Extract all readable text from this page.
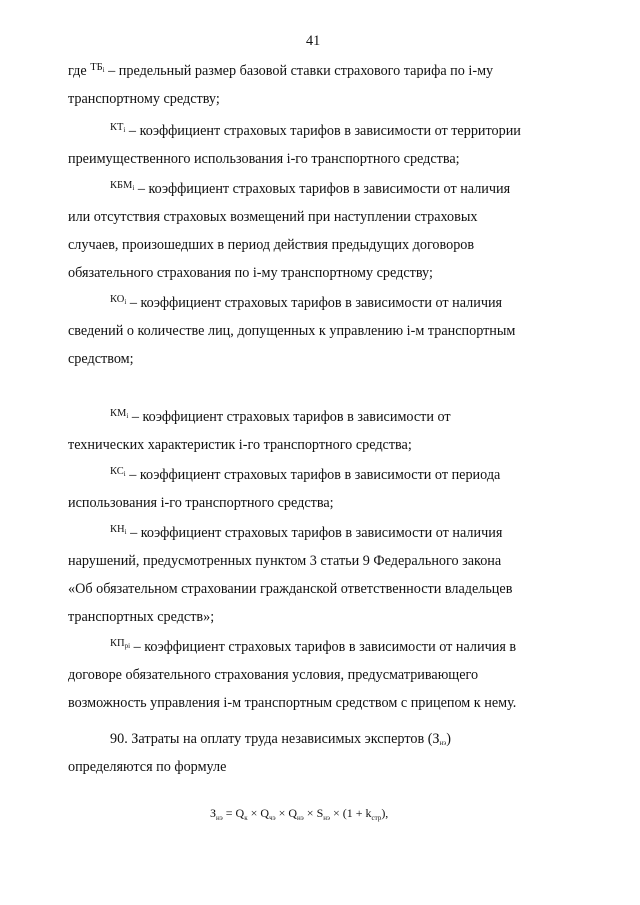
41
где $^{ТБi}$ – предельный размер базовой ставки страхового тарифа по i-му
транспортному средству;
$^{КТi}$ – коэффициент страховых тарифов в зависимости от территории
преимущественного использования i-го транспортного средства;
$^{КБМi}$ – коэффициент страховых тарифов в зависимости от наличия
или отсутствия страховых возмещений при наступлении страховых
случаев, произошедших в период действия предыдущих договоров
обязательного страхования по i-му транспортному средству;
$^{КОi}$ – коэффициент страховых тарифов в зависимости от наличия
сведений о количестве лиц, допущенных к управлению i-м транспортным
средством;
$^{КМi}$ – коэффициент страховых тарифов в зависимости от
технических характеристик i-го транспортного средства;
$^{КСi}$ – коэффициент страховых тарифов в зависимости от периода
использования i-го транспортного средства;
$^{КНi}$ – коэффициент страховых тарифов в зависимости от наличия
нарушений, предусмотренных пунктом 3 статьи 9 Федерального закона
«Об обязательном страховании гражданской ответственности владельцев
транспортных средств»;
$^{КПpi}$ – коэффициент страховых тарифов в зависимости от наличия в
договоре обязательного страхования условия, предусматривающего
возможность управления i-м транспортным средством с прицепом к нему.
90. Затраты на оплату труда независимых экспертов (Знэ)
определяются по формуле
$З_{нэ} = Q_к \times Q_{чэ} \times Q_{нэ} \times S_{нэ} \times (1 + k_{стр})$,
